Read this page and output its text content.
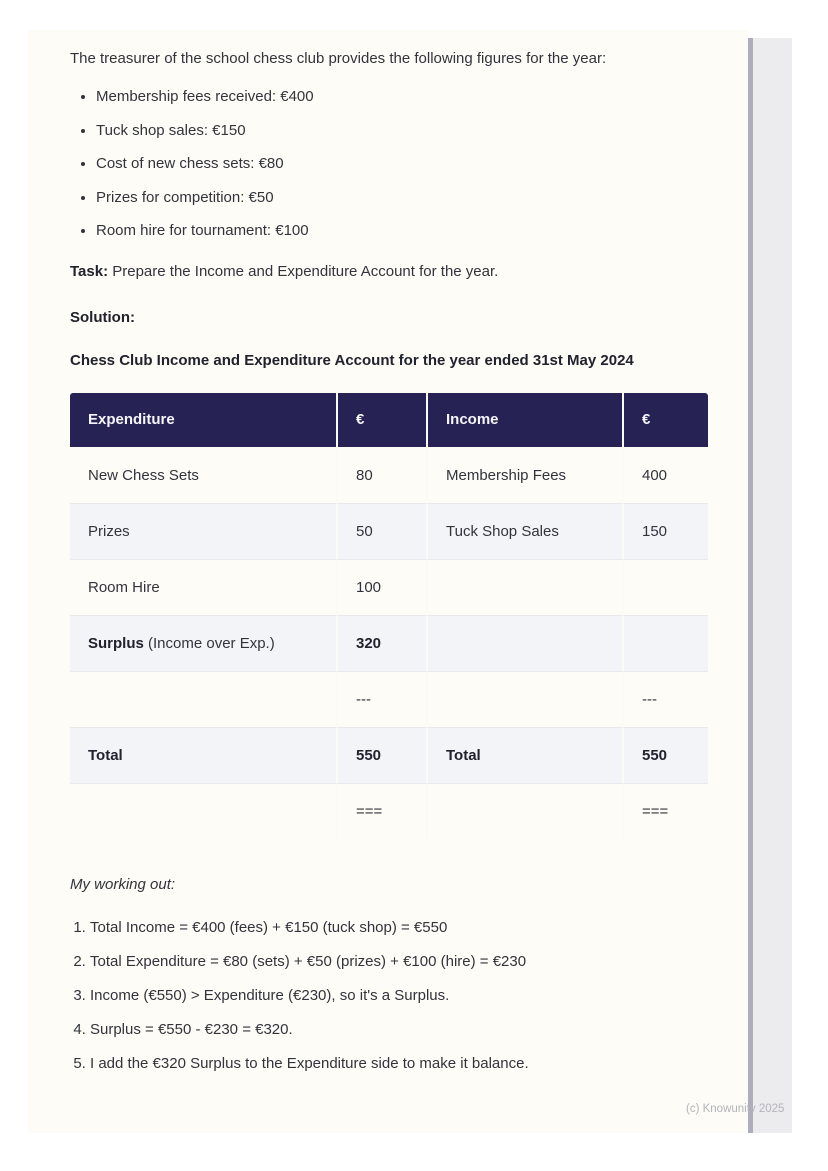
The treasurer of the school chess club provides the following figures for the year:

• Membership fees received: €400
• Tuck shop sales: €150
• Cost of new chess sets: €80
• Prizes for competition: €50
• Room hire for tournament: €100

Task: Prepare the Income and Expenditure Account for the year.

Solution:

Chess Club Income and Expenditure Account for the year ended 31st May 2024
Expenditure	€	Income	€
New Chess Sets	80	Membership Fees	400
Prizes	50	Tuck Shop Sales	150
Room Hire	100		
Surplus (Income over Exp.)	320		
	---		---
Total	550	Total	550
	===		===

My working out:

1. Total Income = €400 (fees) + €150 (tuck shop) = €550
2. Total Expenditure = €80 (sets) + €50 (prizes) + €100 (hire) = €230
3. Income (€550) > Expenditure (€230), so it's a Surplus.
4. Surplus = €550 - €230 = €320.
5. I add the €320 Surplus to the Expenditure side to make it balance.
(c) Knowunity 2025
